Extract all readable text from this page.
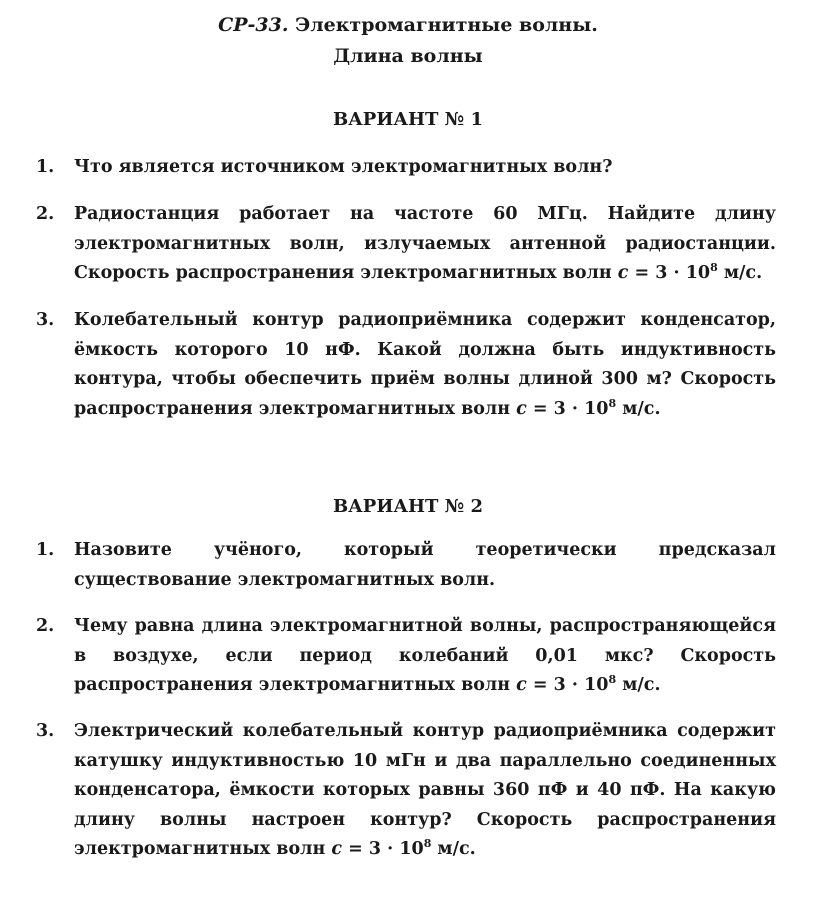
СР-33. Электромагнитные волны.
Длина волны
ВАРИАНТ № 1
1.	Что является источником электромагнитных волн?
2.	Радиостанция работает на частоте 60 МГц. Найдите длину электромагнитных волн, излучаемых антенной радиостанции. Скорость распространения электромагнитных волн $c = 3 \cdot 10^8$ м/с.
3.	Колебательный контур радиоприёмника содержит конденсатор, ёмкость которого 10 нФ. Какой должна быть индуктивность контура, чтобы обеспечить приём волны длиной 300 м? Скорость распространения электромагнитных волн $c = 3 \cdot 10^8$ м/с.
ВАРИАНТ № 2
1.	Назовите учёного, который теоретически предсказал существование электромагнитных волн.
2.	Чему равна длина электромагнитной волны, распространяющейся в воздухе, если период колебаний 0,01 мкс? Скорость распространения электромагнитных волн $c = 3 \cdot 10^8$ м/с.
3.	Электрический колебательный контур радиоприёмника содержит катушку индуктивностью 10 мГн и два параллельно соединенных конденсатора, ёмкости которых равны 360 пФ и 40 пФ. На какую длину волны настроен контур? Скорость распространения электромагнитных волн $c = 3 \cdot 10^8$ м/с.
